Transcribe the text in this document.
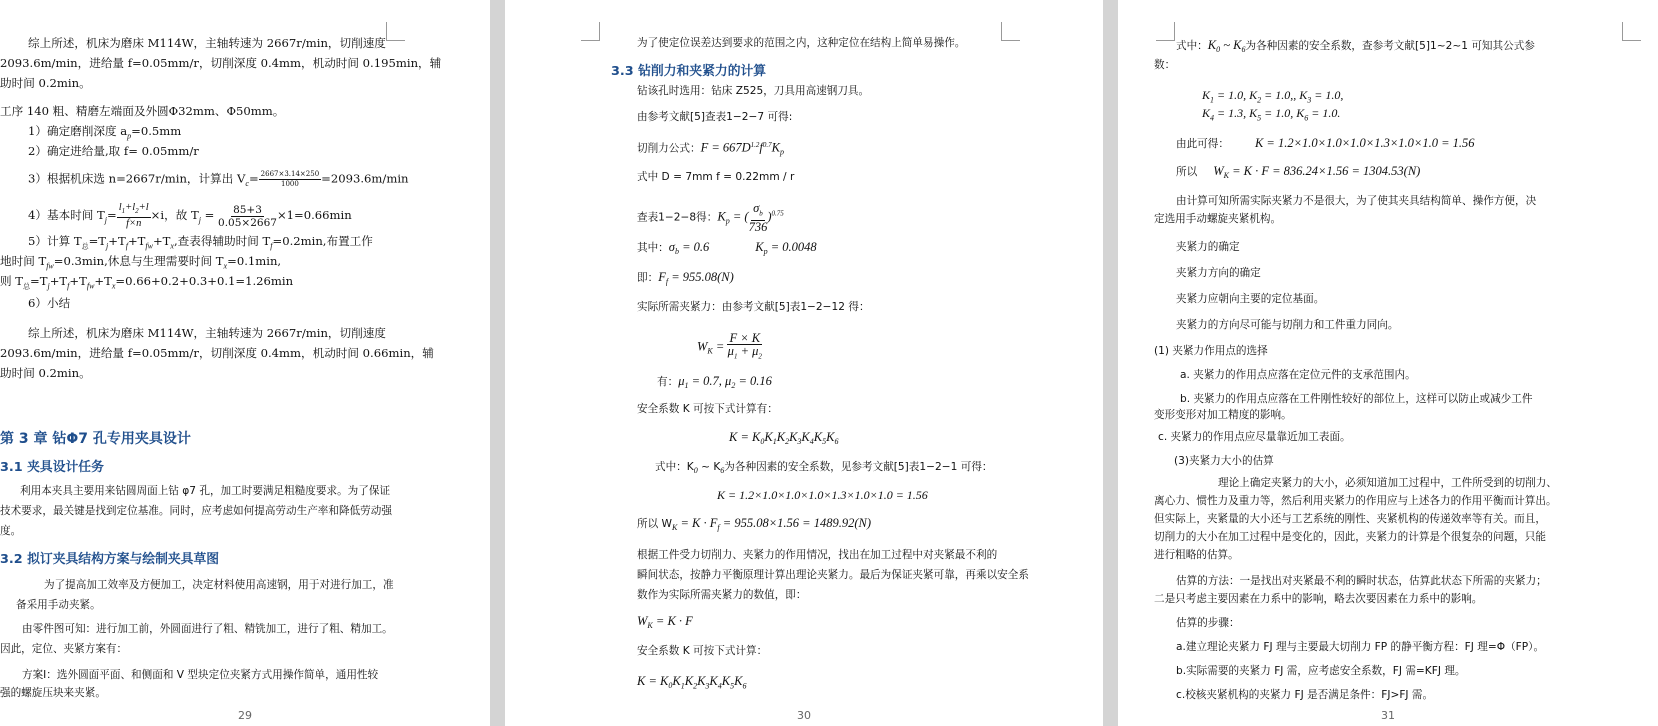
综上所述，机床为磨床 M114W，主轴转速为 2667r/min，切削速度
2093.6m/min，进给量 f=0.05mm/r，切削深度 0.4mm，机动时间 0.195min，辅
助时间 0.2min。
工序 140 粗、精磨左端面及外圆Φ32mm、Φ50mm。
1）确定磨削深度 $a_p=0.5mm$
2）确定进给量,取 f= 0.05mm/r
3）根据机床选 n=2667r/min，计算出 $V_c= \frac{2667\times 3.14\times 250}{1000} =2093.6m/\min$
4）基本时间 $T_j= \frac{l_1+l_2+l}{f\times n} \times i$，故 $T_j = \frac{85+3}{0.05\times 2667} \times 1=0.66\min$
5）计算 $T_总=T_j+T_f+T_{fw}+T_x$,查表得辅助时间 $T_f=0.2\min$,布置工作
地时间 $T_{fw}=0.3\min$,休息与生理需要时间 $T_x=0.1\min$,
则 $T_总=T_j+T_f+T_{fw}+T_x=0.66+0.2+0.3+0.1=1.26\min$
6）小结
综上所述，机床为磨床 M114W，主轴转速为 2667r/min，切削速度
2093.6m/min，进给量 f=0.05mm/r，切削深度 0.4mm，机动时间 0.66min，辅
助时间 0.2min。
第 3 章 钻Φ7 孔专用夹具设计
3.1 夹具设计任务
利用本夹具主要用来钻圆周面上钻 φ7 孔，加工时要满足粗糙度要求。为了保证
技术要求，最关键是找到定位基准。同时，应考虑如何提高劳动生产率和降低劳动强
度。
3.2 拟订夹具结构方案与绘制夹具草图
为了提高加工效率及方便加工，决定材料使用高速钢，用于对进行加工，准
备采用手动夹紧。
由零件图可知：进行加工前，外圆面进行了粗、精铣加工，进行了粗、精加工。
因此，定位、夹紧方案有：
方案Ⅰ：选外圆面平面、和侧面和 V 型块定位夹紧方式用操作简单，通用性较
强的螺旋压块来夹紧。
29
为了使定位误差达到要求的范围之内，这种定位在结构上简单易操作。
3.3 钻削力和夹紧力的计算
钻该孔时选用：钻床 Z525，刀具用高速钢刀具。
由参考文献[5]查表1−2−7 可得:
切削力公式：$F = 667D^{1.2}f^{0.7}K_p$
式中 D = 7mm f = 0.22mm / r
查表1−2−8得：$K_p$ = ( $\frac{\sigma_b}{736} )^{0.75}$
其中：$\sigma_b = 0.6$	$K_p = 0.0048$
即：$F_f = 955.08(N)$
实际所需夹紧力：由参考文献[5]表1−2−12 得：
$W_K = \frac{F \times K}{\mu_1 + \mu_2}$
有：$\mu_1 = 0.7$, $\mu_2 = 0.16$
安全系数 K 可按下式计算有：
$K = K_0K_1K_2K_3K_4K_5K_6$
式中：$K_0$ ~ $K_6$为各种因素的安全系数，见参考文献[5]表1−2−1 可得：
K = 1.2×1.0×1.0×1.0×1.3×1.0×1.0 = 1.56
所以 $W_K = K \cdot F_f = 955.08\times 1.56 = 1489.92(N)$
根据工件受力切削力、夹紧力的作用情况，找出在加工过程中对夹紧最不利的
瞬间状态，按静力平衡原理计算出理论夹紧力。最后为保证夹紧可靠，再乘以安全系
数作为实际所需夹紧力的数值，即：
$W_K = K \cdot F$
安全系数 K 可按下式计算：
$K = K_0K_1K_2K_3K_4K_5K_6$
30
式中：$K_0$ ~ $K_6$为各种因素的安全系数，查参考文献[5]1~2~1 可知其公式参
数：
$K_1 = 1.0$, $K_2 = 1.0$,, $K_3 = 1.0$,
$K_4 = 1.3$, $K_5 = 1.0$, $K_6 = 1.0$.
由此可得： K = 1.2×1.0×1.0×1.0×1.3×1.0×1.0 = 1.56
所以 $W_K = K \cdot F = 836.24\times 1.56 = 1304.53(N)$
由计算可知所需实际夹紧力不是很大，为了使其夹具结构简单、操作方便，决
定选用手动螺旋夹紧机构。
夹紧力的确定
夹紧力方向的确定
夹紧力应朝向主要的定位基面。
夹紧力的方向尽可能与切削力和工件重力同向。
(1) 夹紧力作用点的选择
a. 夹紧力的作用点应落在定位元件的支承范围内。
b. 夹紧力的作用点应落在工件刚性较好的部位上，这样可以防止或减少工件
变形变形对加工精度的影响。
c. 夹紧力的作用点应尽量靠近加工表面。
(3)夹紧力大小的估算
理论上确定夹紧力的大小，必须知道加工过程中，工件所受到的切削力、
离心力、惯性力及重力等，然后利用夹紧力的作用应与上述各力的作用平衡而计算出。
但实际上，夹紧量的大小还与工艺系统的刚性、夹紧机构的传递效率等有关。而且，
切削力的大小在加工过程中是变化的，因此，夹紧力的计算是个很复杂的问题，只能
进行粗略的估算。
估算的方法：一是找出对夹紧最不利的瞬时状态，估算此状态下所需的夹紧力；
二是只考虑主要因素在力系中的影响，略去次要因素在力系中的影响。
估算的步骤：
a.建立理论夹紧力 FJ 理与主要最大切削力 FP 的静平衡方程：FJ 理=Φ（FP）。
b.实际需要的夹紧力 FJ 需，应考虑安全系数，FJ 需=KFJ 理。
c.校核夹紧机构的夹紧力 FJ 是否满足条件：FJ>FJ 需。
31
